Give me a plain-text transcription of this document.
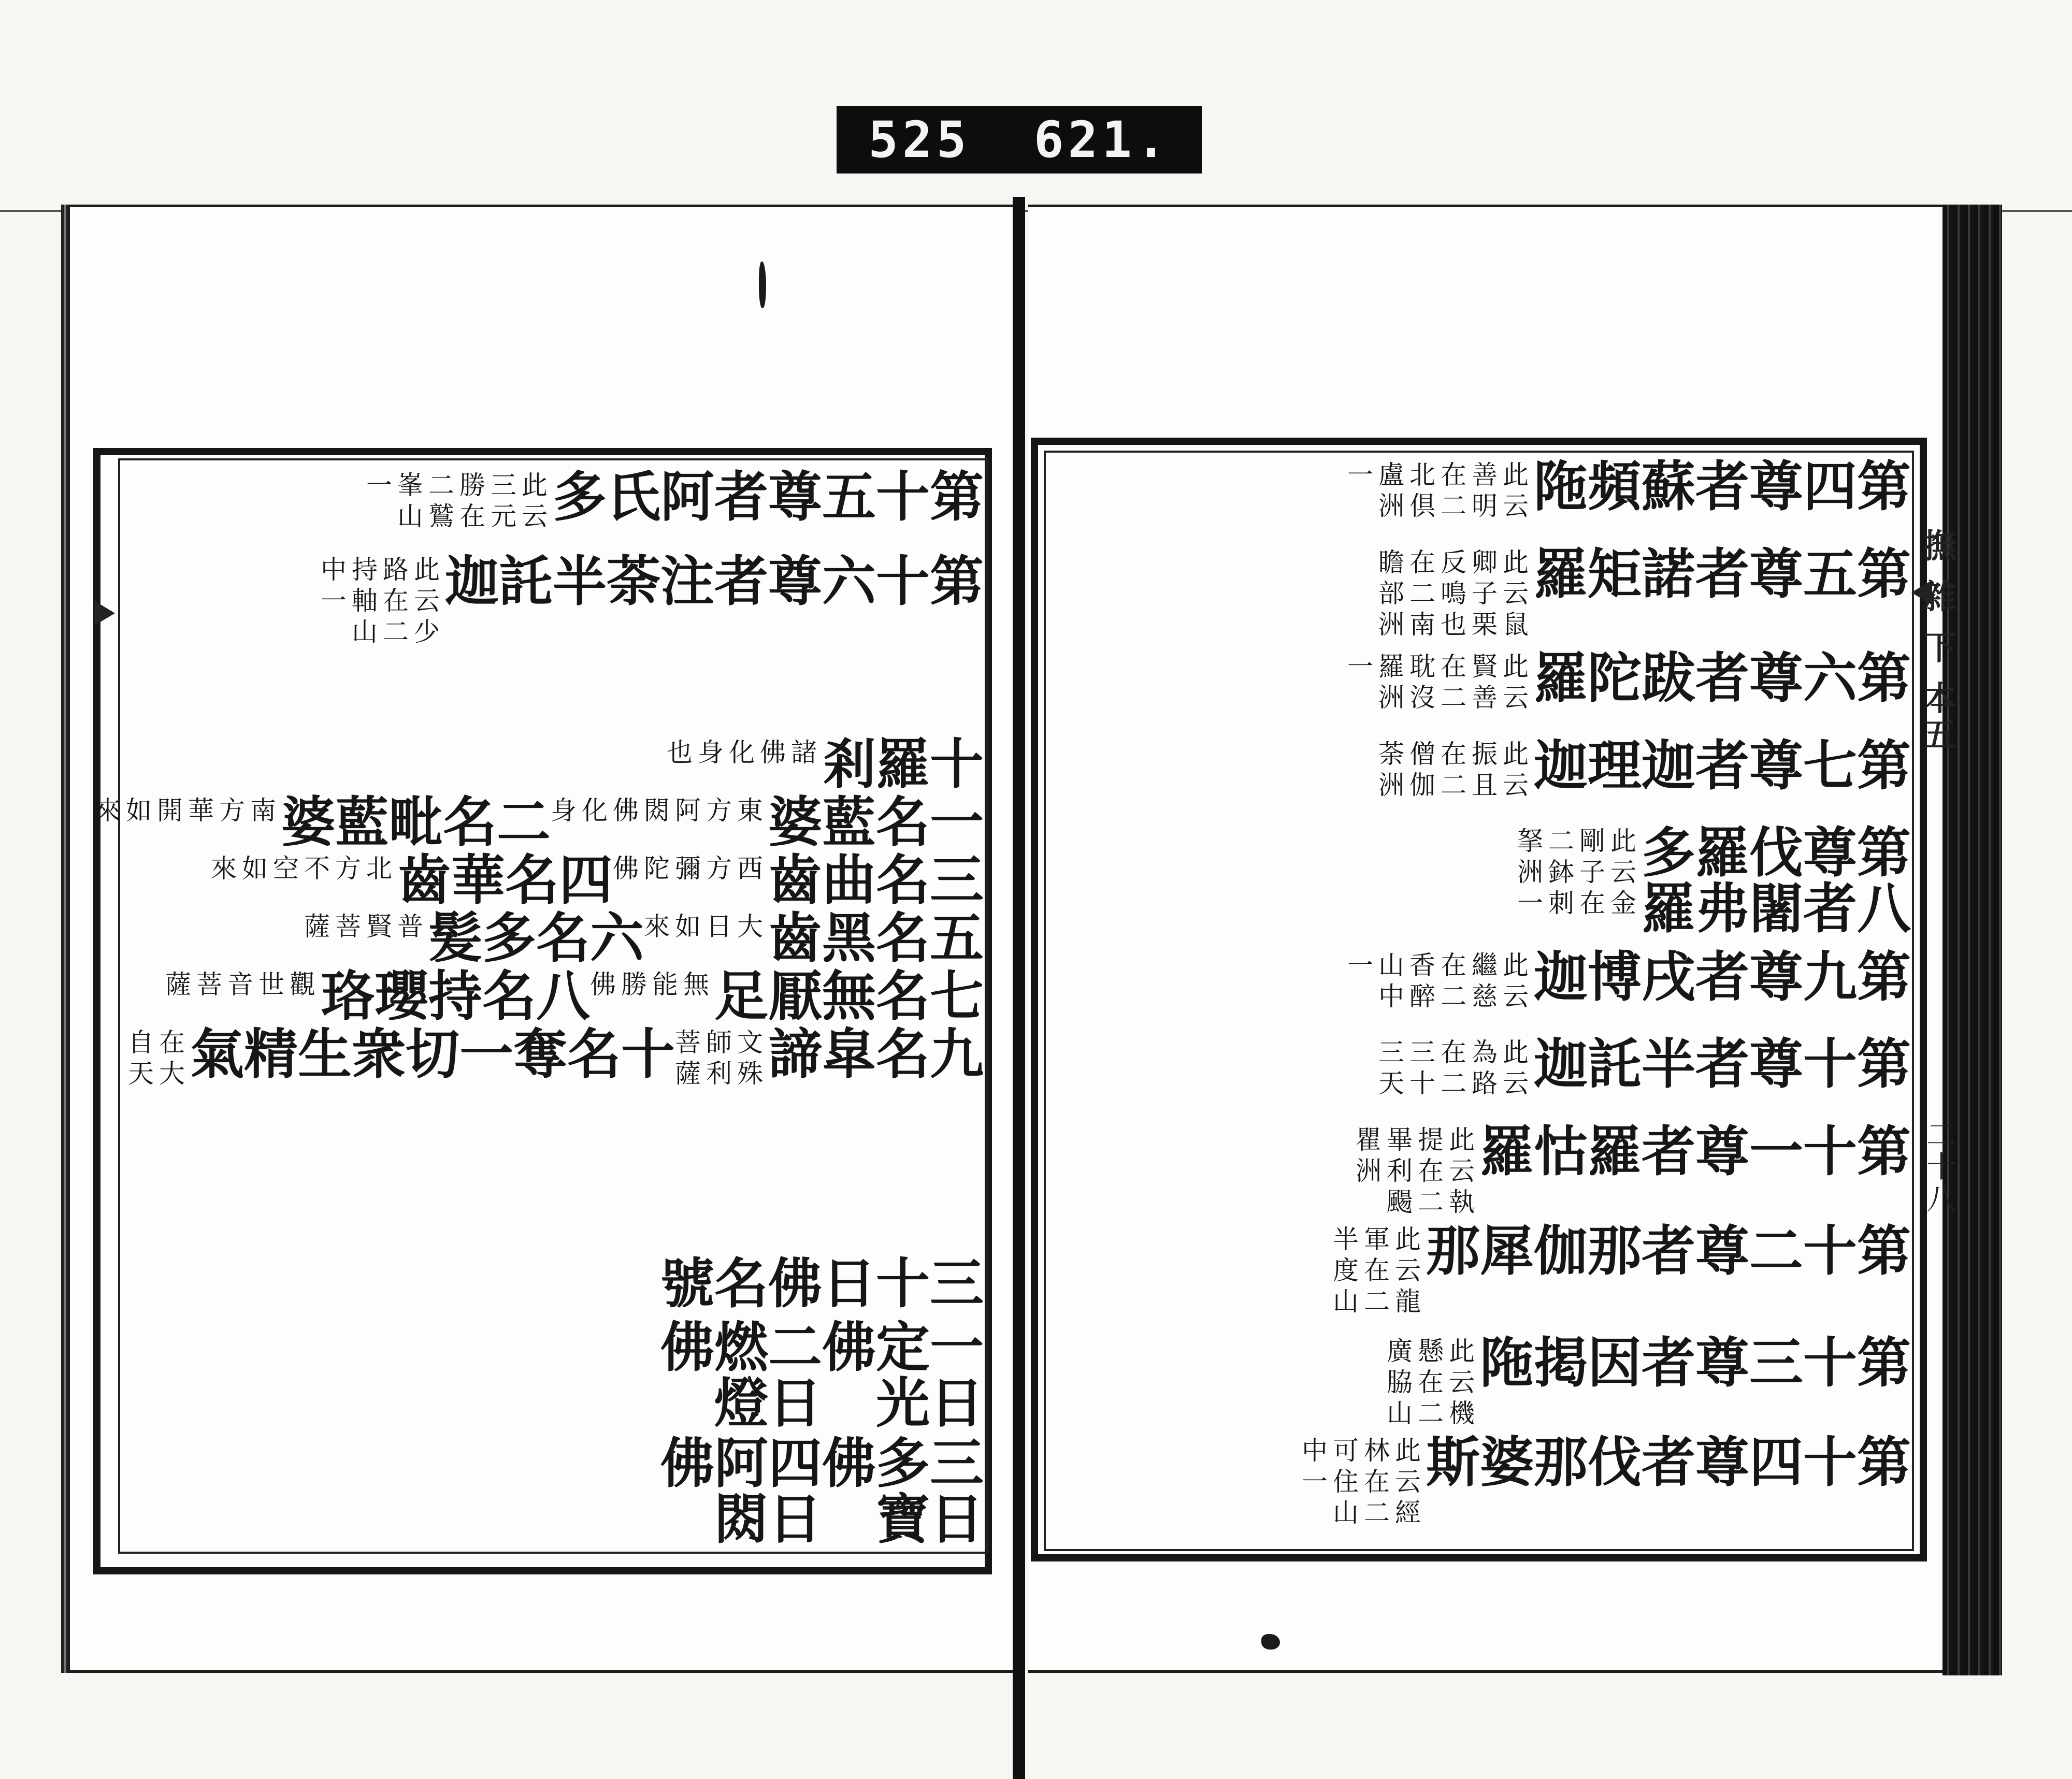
525 621.
撫 雜 下 本五
二十八
第四尊者蘇頻陁
此云善明在二北倶盧洲一
第五尊者諾矩羅
此云鼠卿子栗反鳴也在二南瞻部洲
第六尊者跋陀羅
此云賢善在二耽沒羅洲一
第七尊者迦理迦
此云振且在二僧伽荼洲
第八尊者伐闍羅弗多羅
此云金剛子在二鉢刺拏洲一
第九尊者戌博迦
此云繼慈在二香醉山中一
第十尊者半託迦
此云為路在二三十三天
第十一尊者羅怙羅
此云執提在二畢利颺瞿洲
第十二尊者那伽犀那
此云龍軍在二半度山
第十三尊者因掲陁
此云機懸在二廣脇山
第十四尊者伐那婆斯
此云經林在二可住山中一
第十五尊者阿氏多
此云三元勝在二鷲峯山一
第十六尊者注荼半託迦
此云少路在二持軸山中一
十羅剎
諸佛化身也
一名藍婆
東方阿閦佛化身
二名毗藍婆
南方華開如來
三名曲齒
西方彌陀佛
四名華齒
北方不空如來
五名黑齒
大日如來
六名多髪
普賢菩薩
七名無厭足
無能勝佛
八名持瓔珞
觀世音菩薩
九名皐諦
文殊師利菩薩
十名奪一切衆生精氣
在大自天
三十日佛名號
一日定光佛
二日燃燈佛
三日多寶佛
四日阿閦佛
